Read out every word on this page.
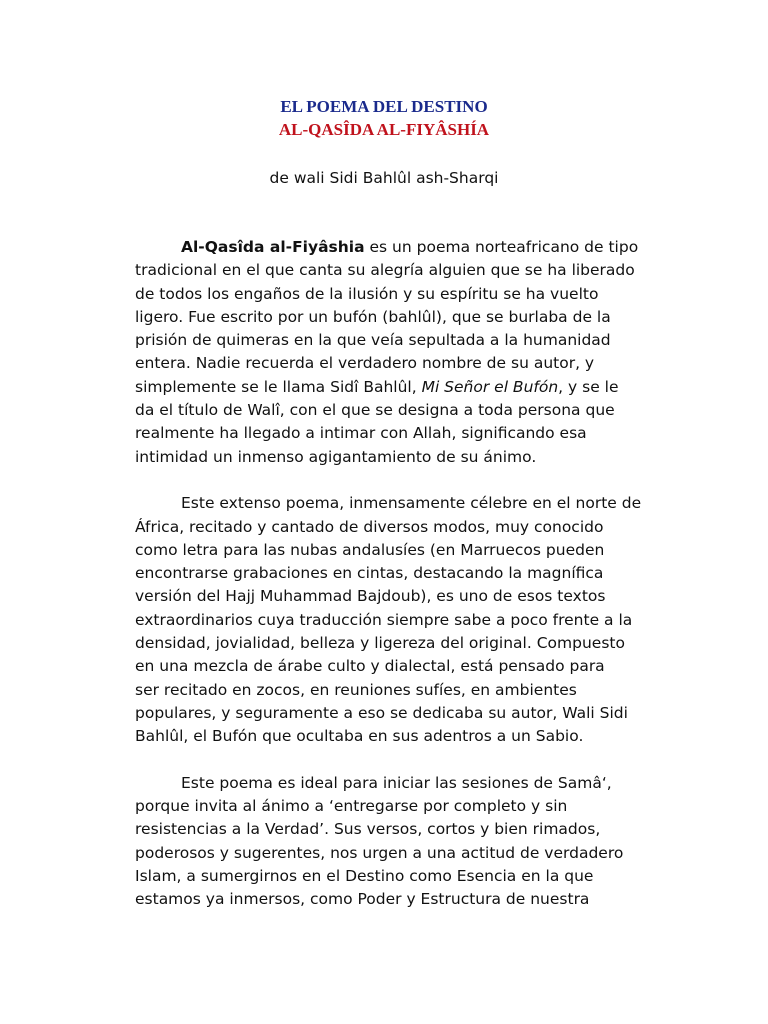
EL POEMA DEL DESTINO
AL-QASÎDA AL-FIYÂSHÍA
de wali Sidi Bahlûl ash-Sharqi
Al-Qasîda al-Fiyâshia es un poema norteafricano de tipo
tradicional en el que canta su alegría alguien que se ha liberado
de todos los engaños de la ilusión y su espíritu se ha vuelto
ligero. Fue escrito por un bufón (bahlûl), que se burlaba de la
prisión de quimeras en la que veía sepultada a la humanidad
entera. Nadie recuerda el verdadero nombre de su autor, y
simplemente se le llama Sidî Bahlûl, Mi Señor el Bufón, y se le
da el título de Walî, con el que se designa a toda persona que
realmente ha llegado a intimar con Allah, significando esa
intimidad un inmenso agigantamiento de su ánimo.
Este extenso poema, inmensamente célebre en el norte de
África, recitado y cantado de diversos modos, muy conocido
como letra para las nubas andalusíes (en Marruecos pueden
encontrarse grabaciones en cintas, destacando la magnífica
versión del Hajj Muhammad Bajdoub), es uno de esos textos
extraordinarios cuya traducción siempre sabe a poco frente a la
densidad, jovialidad, belleza y ligereza del original. Compuesto
en una mezcla de árabe culto y dialectal, está pensado para
ser recitado en zocos, en reuniones sufíes, en ambientes
populares, y seguramente a eso se dedicaba su autor, Wali Sidi
Bahlûl, el Bufón que ocultaba en sus adentros a un Sabio.
Este poema es ideal para iniciar las sesiones de Samâ‘,
porque invita al ánimo a ‘entregarse por completo y sin
resistencias a la Verdad’. Sus versos, cortos y bien rimados,
poderosos y sugerentes, nos urgen a una actitud de verdadero
Islam, a sumergirnos en el Destino como Esencia en la que
estamos ya inmersos, como Poder y Estructura de nuestra
